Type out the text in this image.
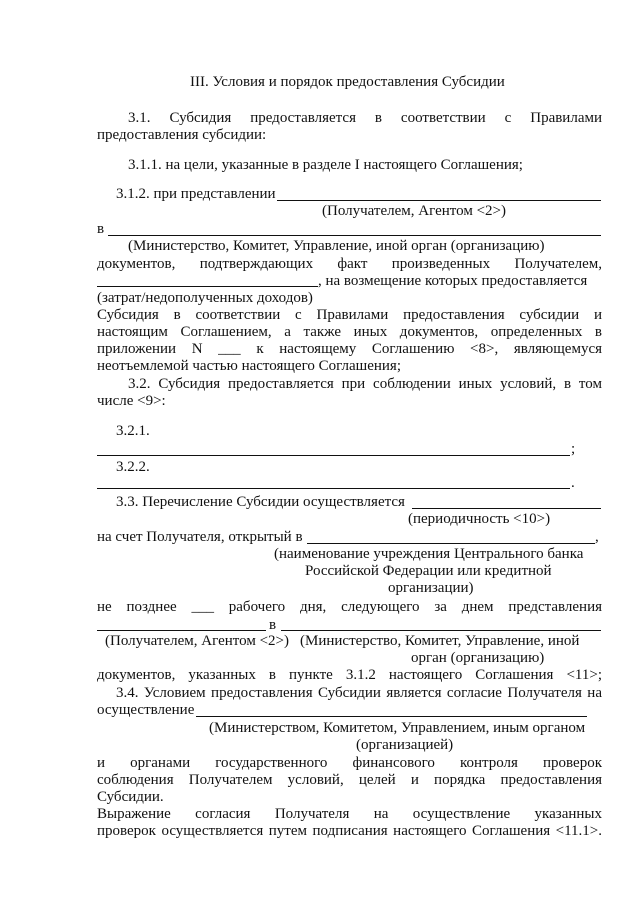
III. Условия и порядок предоставления Субсидии
3.1. Субсидия предоставляется в соответствии с Правилами
предоставления субсидии:
3.1.1. на цели, указанные в разделе I настоящего Соглашения;
3.1.2. при представлении
(Получателем, Агентом <2>)
в
(Министерство, Комитет, Управление, иной орган (организацию)
документов, подтверждающих факт произведенных Получателем,
, на возмещение которых предоставляется
(затрат/недополученных доходов)
Субсидия в соответствии с Правилами предоставления субсидии и
настоящим Соглашением, а также иных документов, определенных в
приложении N ___ к настоящему Соглашению <8>, являющемуся
неотъемлемой частью настоящего Соглашения;
3.2. Субсидия предоставляется при соблюдении иных условий, в том
числе <9>:
3.2.1.
;
3.2.2.
.
3.3. Перечисление Субсидии осуществляется
(периодичность <10>)
на счет Получателя, открытый в	,
(наименование учреждения Центрального банка
Российской Федерации или кредитной
организации)
не позднее ___ рабочего дня, следующего за днем представления
в
(Получателем, Агентом <2>) (Министерство, Комитет, Управление, иной
орган (организацию)
документов, указанных в пункте 3.1.2 настоящего Соглашения <11>;
3.4. Условием предоставления Субсидии является согласие Получателя на
осуществление
(Министерством, Комитетом, Управлением, иным органом
(организацией)
и органами государственного финансового контроля проверок
соблюдения Получателем условий, целей и порядка предоставления
Субсидии.
Выражение согласия Получателя на осуществление указанных
проверок осуществляется путем подписания настоящего Соглашения <11.1>.
